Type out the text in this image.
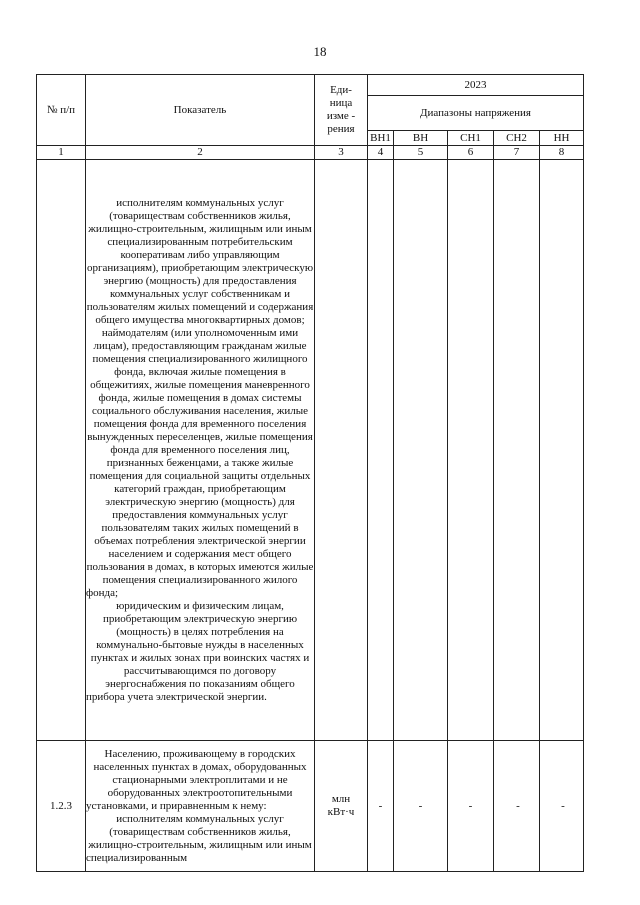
18
№ п/п	Показатель	Еди-
ница
изме -
рения	2023				
			Диапазоны напряжения				
			ВН1	ВН	СН1	СН2	НН
1	2	3	4	5	6	7	8

	исполнителям коммунальных услуг (товариществам собственников жилья, жилищно-строительным, жилищным или иным специализированным потребительским кооперативам либо управляющим организациям), приобретающим электрическую энергию (мощность) для предоставления коммунальных услуг собственникам и пользователям жилых помещений и содержания общего имущества многоквартирных домов; наймодателям (или уполномоченным ими лицам), предоставляющим гражданам жилые помещения специализированного жилищного фонда, включая жилые помещения в общежитиях, жилые помещения маневренного фонда, жилые помещения в домах системы социального обслуживания населения, жилые помещения фонда для временного поселения вынужденных переселенцев, жилые помещения фонда для временного поселения лиц, признанных беженцами, а также жилые помещения для социальной защиты отдельных категорий граждан, приобретающим электрическую энергию (мощность) для предоставления коммунальных услуг пользователям таких жилых помещений в объемах потребления электрической энергии населением и содержания мест общего пользования в домах, в которых имеются жилые помещения специализированного жилого фонда;
юридическим и физическим лицам, приобретающим электрическую энергию (мощность) в целях потребления на коммунально-бытовые нужды в населенных пунктах и жилых зонах при воинских частях и рассчитывающимся по договору энергоснабжения по показаниям общего прибора учета электрической энергии.						

1.2.3	Населению, проживающему в городских населенных пунктах в домах, оборудованных стационарными электроплитами и не оборудованных электроотопительными установками, и приравненным к нему:
исполнителям коммунальных услуг (товариществам собственников жилья, жилищно-строительным, жилищным или иным специализированным	млн
кВт·ч	-	-	-	-	-
